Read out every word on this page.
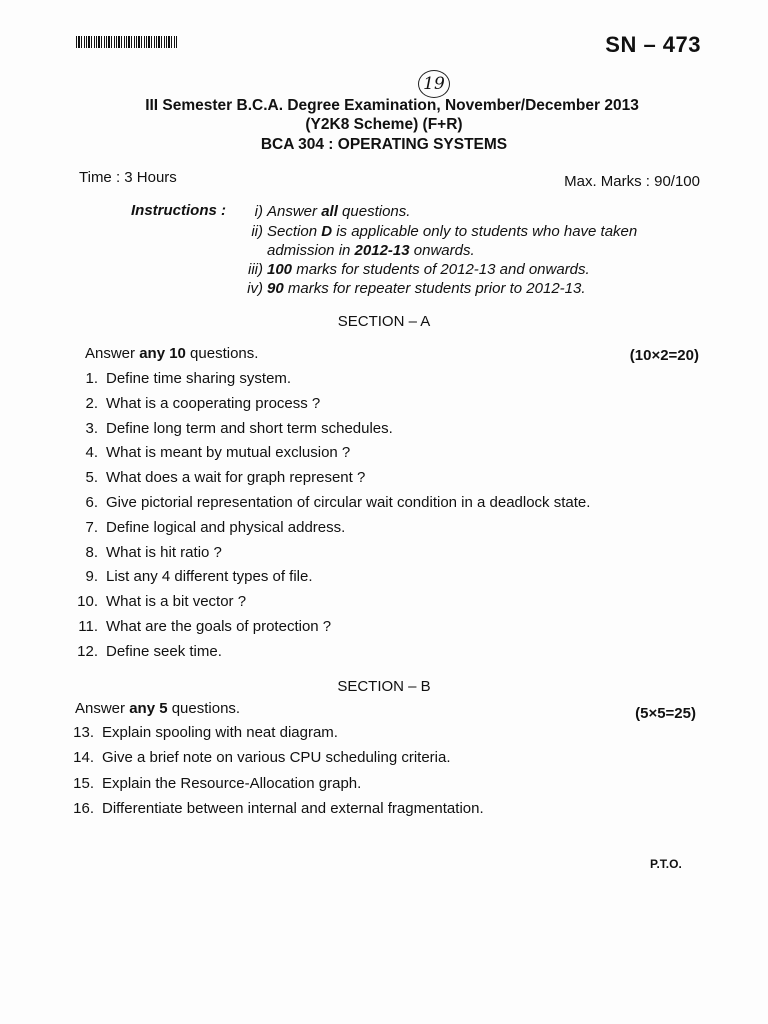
SN – 473
19
III Semester B.C.A. Degree Examination, November/December 2013
(Y2K8 Scheme) (F+R)
BCA 304 : OPERATING SYSTEMS
Time : 3 Hours	Max. Marks : 90/100
Instructions :	i) Answer all questions.
ii) Section D is applicable only to students who have taken
admission in 2012-13 onwards.
iii) 100 marks for students of 2012-13 and onwards.
iv) 90 marks for repeater students prior to 2012-13.
SECTION – A
Answer any 10 questions.	(10×2=20)
1. Define time sharing system.
2. What is a cooperating process ?
3. Define long term and short term schedules.
4. What is meant by mutual exclusion ?
5. What does a wait for graph represent ?
6. Give pictorial representation of circular wait condition in a deadlock state.
7. Define logical and physical address.
8. What is hit ratio ?
9. List any 4 different types of file.
10. What is a bit vector ?
11. What are the goals of protection ?
12. Define seek time.
SECTION – B
Answer any 5 questions.	(5×5=25)
13. Explain spooling with neat diagram.
14. Give a brief note on various CPU scheduling criteria.
15. Explain the Resource-Allocation graph.
16. Differentiate between internal and external fragmentation.
P.T.O.
